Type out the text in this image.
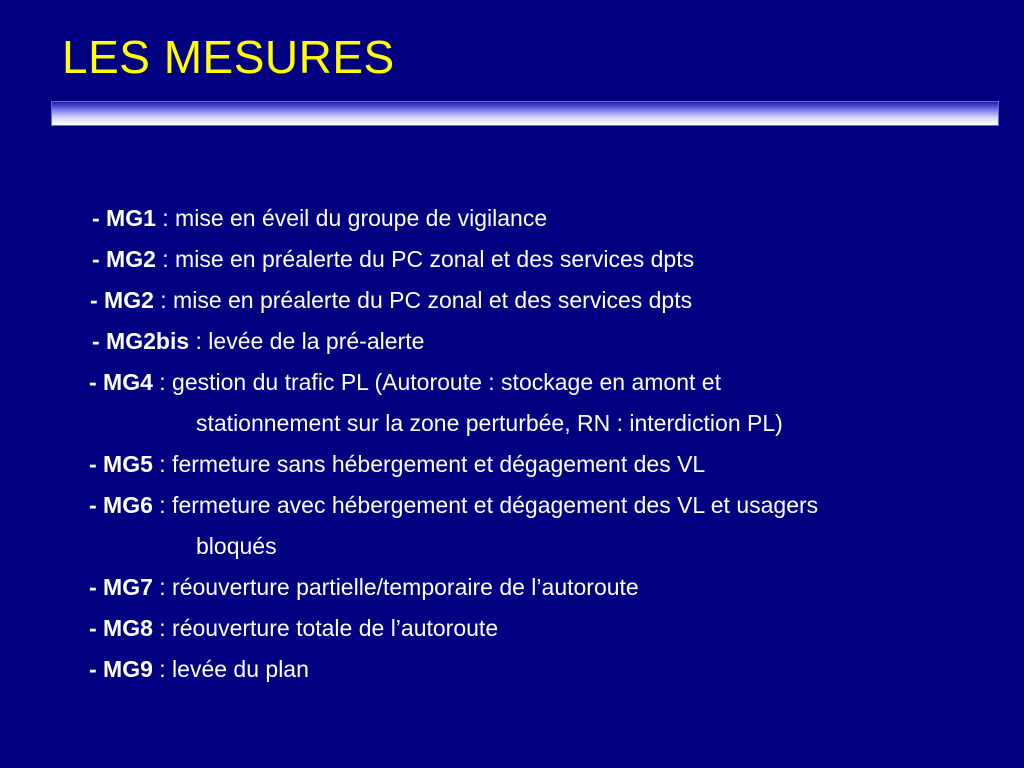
LES MESURES
- MG1 : mise en éveil du groupe de vigilance
- MG2 : mise en préalerte du PC zonal et des services dpts
- MG2 : mise en préalerte du PC zonal et des services dpts
- MG2bis : levée de la pré-alerte
- MG4 : gestion du trafic PL (Autoroute : stockage en amont et
stationnement sur la zone perturbée, RN : interdiction PL)
- MG5 : fermeture sans hébergement et dégagement des VL
- MG6 : fermeture avec hébergement et dégagement des VL et usagers
bloqués
- MG7 : réouverture partielle/temporaire de l’autoroute
- MG8 : réouverture totale de l’autoroute
- MG9 : levée du plan
